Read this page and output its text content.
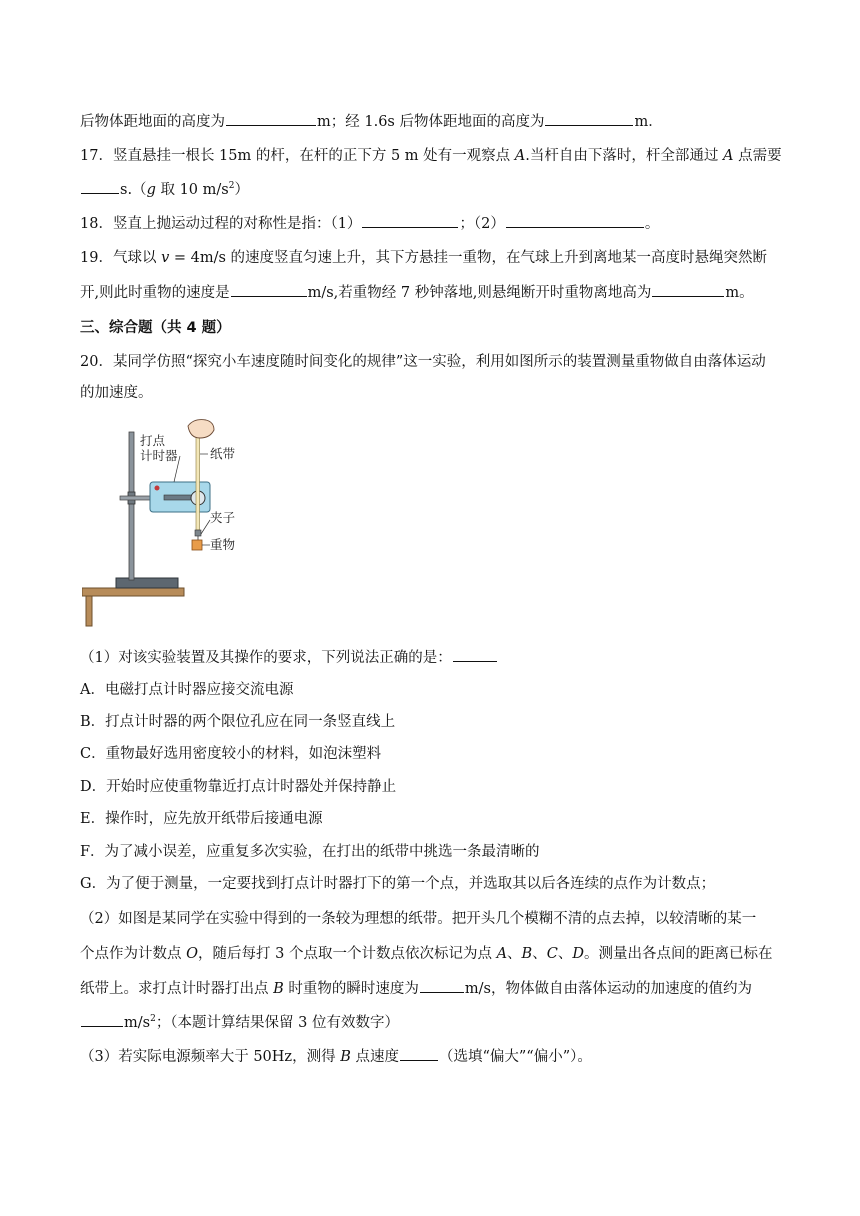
后物体距地面的高度为	m；经 1.6s 后物体距地面的高度为	m．
17．竖直悬挂一根长 15m 的杆，在杆的正下方 5 m 处有一观察点 A.当杆自由下落时，杆全部通过 A 点需要
s.（g 取 10 $m/s^2$）
18．竖直上抛运动过程的对称性是指：（1）	；（2）	。
19．气球以 v = 4m/s 的速度竖直匀速上升，其下方悬挂一重物，在气球上升到离地某一高度时悬绳突然断
开,则此时重物的速度是	m/s,若重物经 7 秒钟落地,则悬绳断开时重物离地高为	m。
三、综合题（共 4 题）
20．某同学仿照“探究小车速度随时间变化的规律”这一实验，利用如图所示的装置测量重物做自由落体运动
的加速度。
打点
计时器	纸带
夹子
重物
（1）对该实验装置及其操作的要求，下列说法正确的是：
A．电磁打点计时器应接交流电源
B．打点计时器的两个限位孔应在同一条竖直线上
C．重物最好选用密度较小的材料，如泡沫塑料
D．开始时应使重物靠近打点计时器处并保持静止
E．操作时，应先放开纸带后接通电源
F．为了减小误差，应重复多次实验，在打出的纸带中挑选一条最清晰的
G．为了便于测量，一定要找到打点计时器打下的第一个点，并选取其以后各连续的点作为计数点；
（2）如图是某同学在实验中得到的一条较为理想的纸带。把开头几个模糊不清的点去掉，以较清晰的某一
个点作为计数点 O，随后每打 3 个点取一个计数点依次标记为点 A、B、C、D。测量出各点间的距离已标在
纸带上。求打点计时器打出点 B 时重物的瞬时速度为	m/s，物体做自由落体运动的加速度的值约为
$m/s^2$；（本题计算结果保留 3 位有效数字）
（3）若实际电源频率大于 50Hz，测得 B 点速度	（选填“偏大”“偏小”）。
